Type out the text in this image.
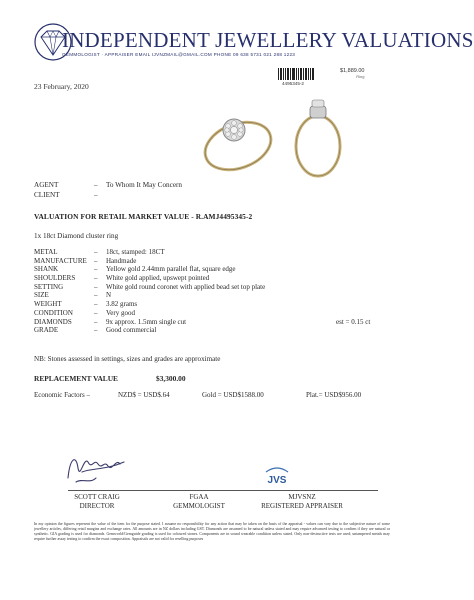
INDEPENDENT JEWELLERY VALUATIONS
GEMMOLOGIST · APPRAISER EMAIL IJVNZMAIL@GMAIL.COM PHONE 09 638 5731 021 288 1223
23 February, 2020	4495345-2
$1,889.00
Ring
AGENT	– To Whom It May Concern
CLIENT	–
VALUATION FOR RETAIL MARKET VALUE - R.AMJ4495345-2
1x 18ct Diamond cluster ring
METAL	– 18ct, stamped: 18CT
MANUFACTURE – Handmade
SHANK	– Yellow gold 2.44mm parallel flat, square edge
SHOULDERS	– White gold applied, upswept pointed
SETTING	– White gold round coronet with applied bead set top plate
SIZE	– N
WEIGHT	– 3.82 grams
CONDITION	– Very good
DIAMONDS	– 9x approx. 1.5mm single cut	est = 0.15 ct
GRADE	– Good commercial
NB: Stones assessed in settings, sizes and grades are approximate
REPLACEMENT VALUE	$3,300.00
Economic Factors –	NZD$ = USD$.64	Gold = USD$1588.00	Plat.= USD$956.00
JVS
SCOTT CRAIG
DIRECTOR
FGAA
GEMMOLOGIST
MJVSNZ
REGISTERED APPRAISER
In my opinion the figures represent the value of the item for the purpose stated. I assume no responsibility for any action that may be taken on the basis of the appraisal - values can vary due to the subjective nature of some jewellery articles, differing retail margins and exchange rates. All amounts are in NZ dollars including GST. Diamonds are assumed to be natural unless stated and may require advanced testing to confirm if they are natural or synthetic. GIA grading is used for diamonds. Gemworld/Gemguide grading is used for coloured stones. Components are in sound wearable condition unless stated. Only non-destructive tests are used; untampered metals may require further assay testing to confirm the exact composition. Appraisals are not valid for reselling purposes
